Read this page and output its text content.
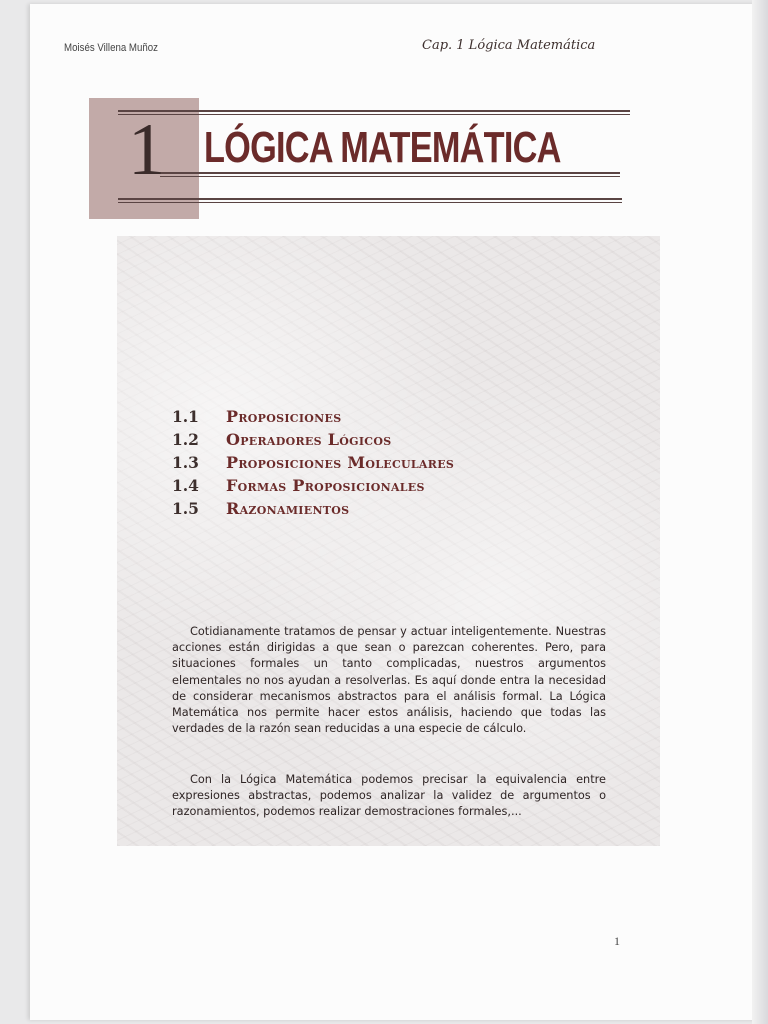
Moisés Villena Muñoz	Cap. 1 Lógica Matemática
1 LÓGICA MATEMÁTICA
1.1	Proposiciones
1.2	Operadores Lógicos
1.3	Proposiciones Moleculares
1.4	Formas Proposicionales
1.5	Razonamientos

Cotidianamente tratamos de pensar y actuar inteligentemente. Nuestras acciones están dirigidas a que sean o parezcan coherentes. Pero, para situaciones formales un tanto complicadas, nuestros argumentos elementales no nos ayudan a resolverlas. Es aquí donde entra la necesidad de considerar mecanismos abstractos para el análisis formal. La Lógica Matemática nos permite hacer estos análisis, haciendo que todas las verdades de la razón sean reducidas a una especie de cálculo.

Con la Lógica Matemática podemos precisar la equivalencia entre expresiones abstractas, podemos analizar la validez de argumentos o razonamientos, podemos realizar demostraciones formales,...

1
